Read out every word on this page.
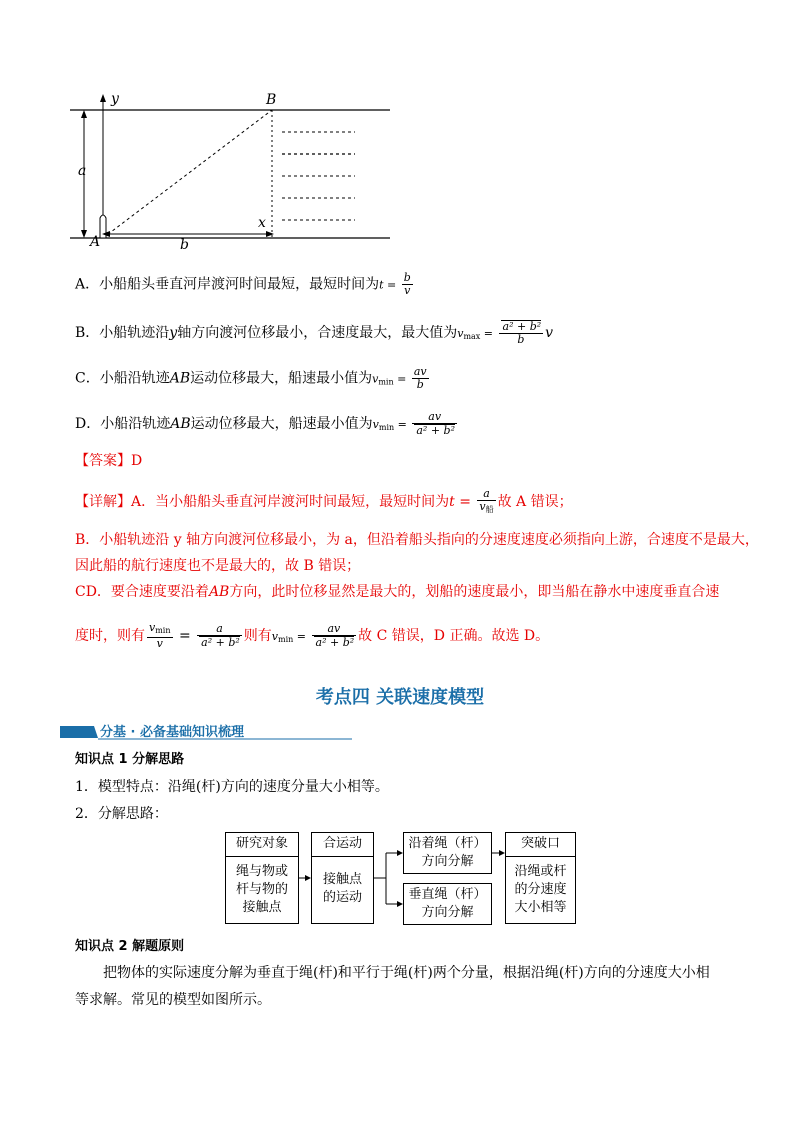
y	B
a
x
A	b
A．小船船头垂直河岸渡河时间最短，最短时间为$t = \frac{b}{v}$
B．小船轨迹沿y轴方向渡河位移最小，合速度最大，最大值为$v_{max} = \frac{\text{a² + b²}}{b}$ v
C．小船沿轨迹AB运动位移最大，船速最小值为$v_{min} = \frac{av}{b}$
D．小船沿轨迹AB运动位移最大，船速最小值为$v_{min} = \frac{av}{\text{a² + b²}}$
【答案】D
【详解】A．当小船船头垂直河岸渡河时间最短，最短时间为$t = \frac{a}{v_船}$ 故 A 错误；
B．小船轨迹沿 y 轴方向渡河位移最小，为 a，但沿着船头指向的分速度速度必须指向上游，合速度不是最大，
因此船的航行速度也不是最大的，故 B 错误；
CD．要合速度要沿着AB方向，此时位移显然是最大的，划船的速度最小，即当船在静水中速度垂直合速
度时，则有 $\frac{v_{min}}{v} = \frac{a}{\text{a² + b²}}$ 则有$v_{min} = \frac{av}{\text{a² + b²}}$ 故 C 错误，D 正确。故选 D。
考点四 关联速度模型
分基 · 必备基础知识梳理
知识点 1 分解思路
1．模型特点：沿绳(杆)方向的速度分量大小相等。
2．分解思路：
研究对象
绳与物或
杆与物的
接触点
合运动
接触点
的运动
沿着绳（杆）
方向分解
垂直绳（杆）
方向分解
突破口
沿绳或杆
的分速度
大小相等
知识点 2 解题原则
把物体的实际速度分解为垂直于绳(杆)和平行于绳(杆)两个分量，根据沿绳(杆)方向的分速度大小相
等求解。常见的模型如图所示。
